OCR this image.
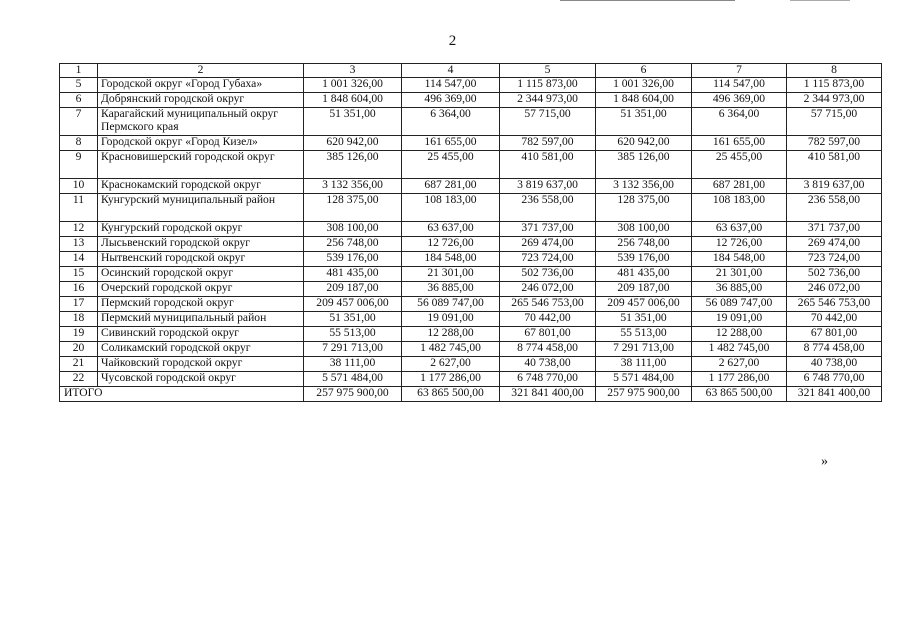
2
1	2	3	4	5	6	7	8
5	Городской округ «Город Губаха»	1 001 326,00	114 547,00	1 115 873,00	1 001 326,00	114 547,00	1 115 873,00
6	Добрянский городской округ	1 848 604,00	496 369,00	2 344 973,00	1 848 604,00	496 369,00	2 344 973,00
7	Карагайский муниципальный округ Пермского края	51 351,00	6 364,00	57 715,00	51 351,00	6 364,00	57 715,00
8	Городской округ «Город Кизел»	620 942,00	161 655,00	782 597,00	620 942,00	161 655,00	782 597,00
9	Красновишерский городской округ	385 126,00	25 455,00	410 581,00	385 126,00	25 455,00	410 581,00
10	Краснокамский городской округ	3 132 356,00	687 281,00	3 819 637,00	3 132 356,00	687 281,00	3 819 637,00
11	Кунгурский муниципальный район	128 375,00	108 183,00	236 558,00	128 375,00	108 183,00	236 558,00
12	Кунгурский городской округ	308 100,00	63 637,00	371 737,00	308 100,00	63 637,00	371 737,00
13	Лысьвенский городской округ	256 748,00	12 726,00	269 474,00	256 748,00	12 726,00	269 474,00
14	Нытвенский городской округ	539 176,00	184 548,00	723 724,00	539 176,00	184 548,00	723 724,00
15	Осинский городской округ	481 435,00	21 301,00	502 736,00	481 435,00	21 301,00	502 736,00
16	Очерский городской округ	209 187,00	36 885,00	246 072,00	209 187,00	36 885,00	246 072,00
17	Пермский городской округ	209 457 006,00	56 089 747,00	265 546 753,00	209 457 006,00	56 089 747,00	265 546 753,00
18	Пермский муниципальный район	51 351,00	19 091,00	70 442,00	51 351,00	19 091,00	70 442,00
19	Сивинский городской округ	55 513,00	12 288,00	67 801,00	55 513,00	12 288,00	67 801,00
20	Соликамский городской округ	7 291 713,00	1 482 745,00	8 774 458,00	7 291 713,00	1 482 745,00	8 774 458,00
21	Чайковский городской округ	38 111,00	2 627,00	40 738,00	38 111,00	2 627,00	40 738,00
22	Чусовской городской округ	5 571 484,00	1 177 286,00	6 748 770,00	5 571 484,00	1 177 286,00	6 748 770,00
ИТОГО		257 975 900,00	63 865 500,00	321 841 400,00	257 975 900,00	63 865 500,00	321 841 400,00
»
